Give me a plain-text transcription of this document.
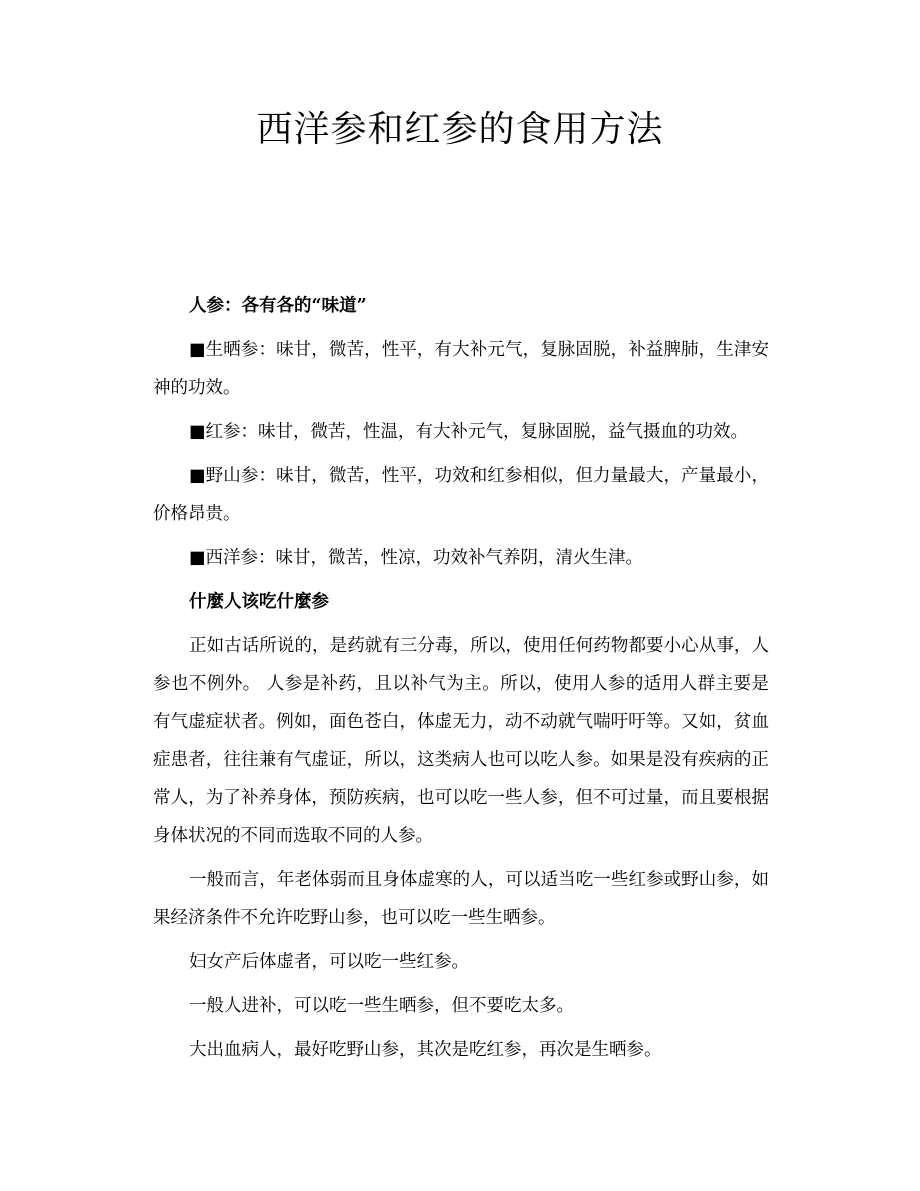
西洋参和红参的食用方法

人参：各有各的“味道”

■生晒参：味甘，微苦，性平，有大补元气，复脉固脱，补益脾肺，生津安神的功效。

■红参：味甘，微苦，性温，有大补元气，复脉固脱，益气摄血的功效。

■野山参：味甘，微苦，性平，功效和红参相似，但力量最大，产量最小，价格昂贵。

■西洋参：味甘，微苦，性凉，功效补气养阴，清火生津。

什麼人该吃什麼参

正如古话所说的，是药就有三分毒，所以，使用任何药物都要小心从事，人参也不例外。 人参是补药，且以补气为主。所以，使用人参的适用人群主要是有气虚症状者。例如，面色苍白，体虚无力，动不动就气喘吁吁等。又如，贫血症患者，往往兼有气虚证，所以，这类病人也可以吃人参。如果是没有疾病的正常人，为了补养身体，预防疾病，也可以吃一些人参，但不可过量，而且要根据身体状况的不同而选取不同的人参。

一般而言，年老体弱而且身体虚寒的人，可以适当吃一些红参或野山参，如果经济条件不允许吃野山参，也可以吃一些生晒参。

妇女产后体虚者，可以吃一些红参。

一般人进补，可以吃一些生晒参，但不要吃太多。

大出血病人，最好吃野山参，其次是吃红参，再次是生晒参。
